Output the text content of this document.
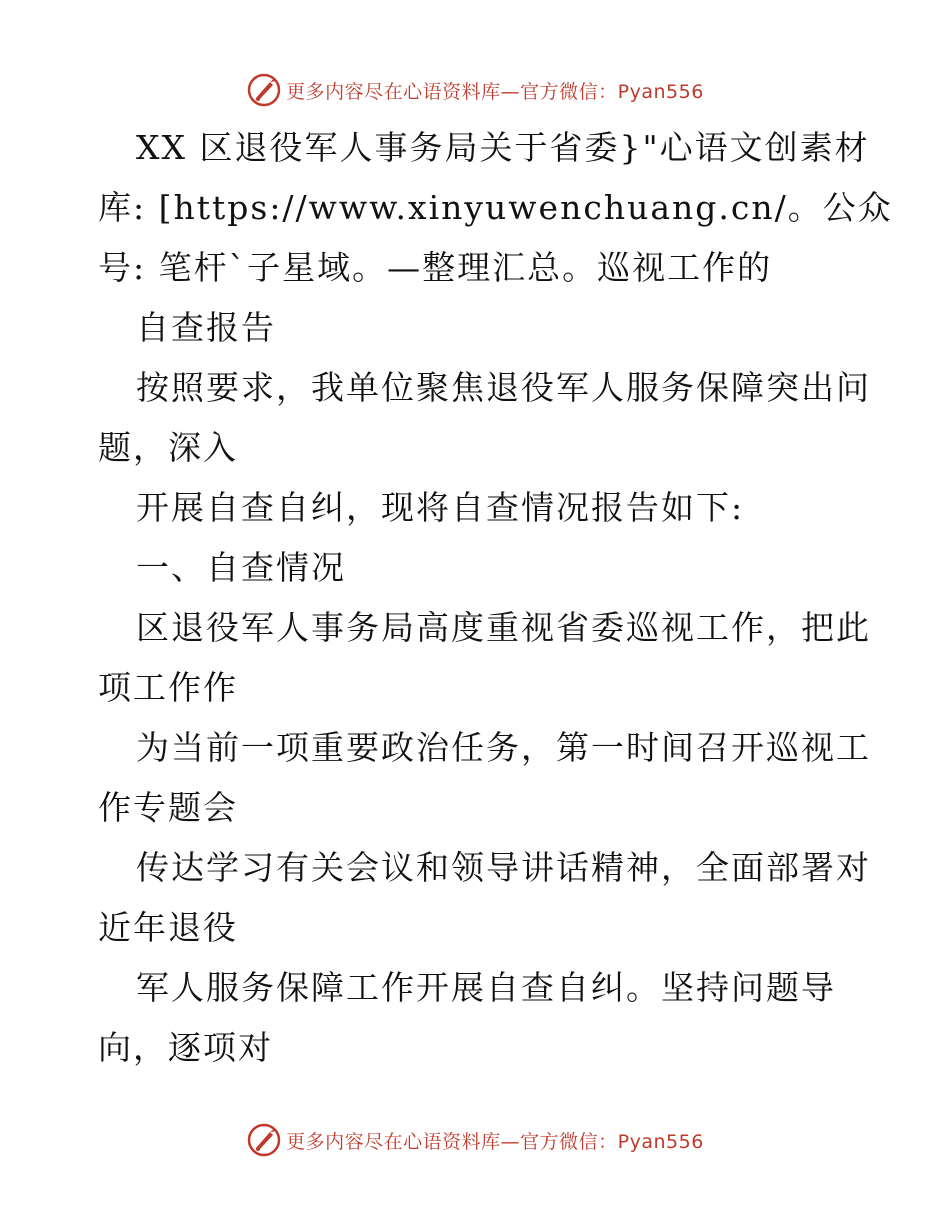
更多内容尽在心语资料库—官方微信：Pyan556
XX 区退役军人事务局关于省委}"心语文创素材
库: [https://www.xinyuwenchuang.cn/。公众
号: 笔杆`子星域。—整理汇总。巡视工作的
自查报告
按照要求，我单位聚焦退役军人服务保障突出问
题，深入
开展自查自纠，现将自查情况报告如下:
一、自查情况
区退役军人事务局高度重视省委巡视工作，把此
项工作作
为当前一项重要政治任务，第一时间召开巡视工
作专题会
传达学习有关会议和领导讲话精神，全面部署对
近年退役
军人服务保障工作开展自查自纠。坚持问题导
向，逐项对
更多内容尽在心语资料库—官方微信：Pyan556
